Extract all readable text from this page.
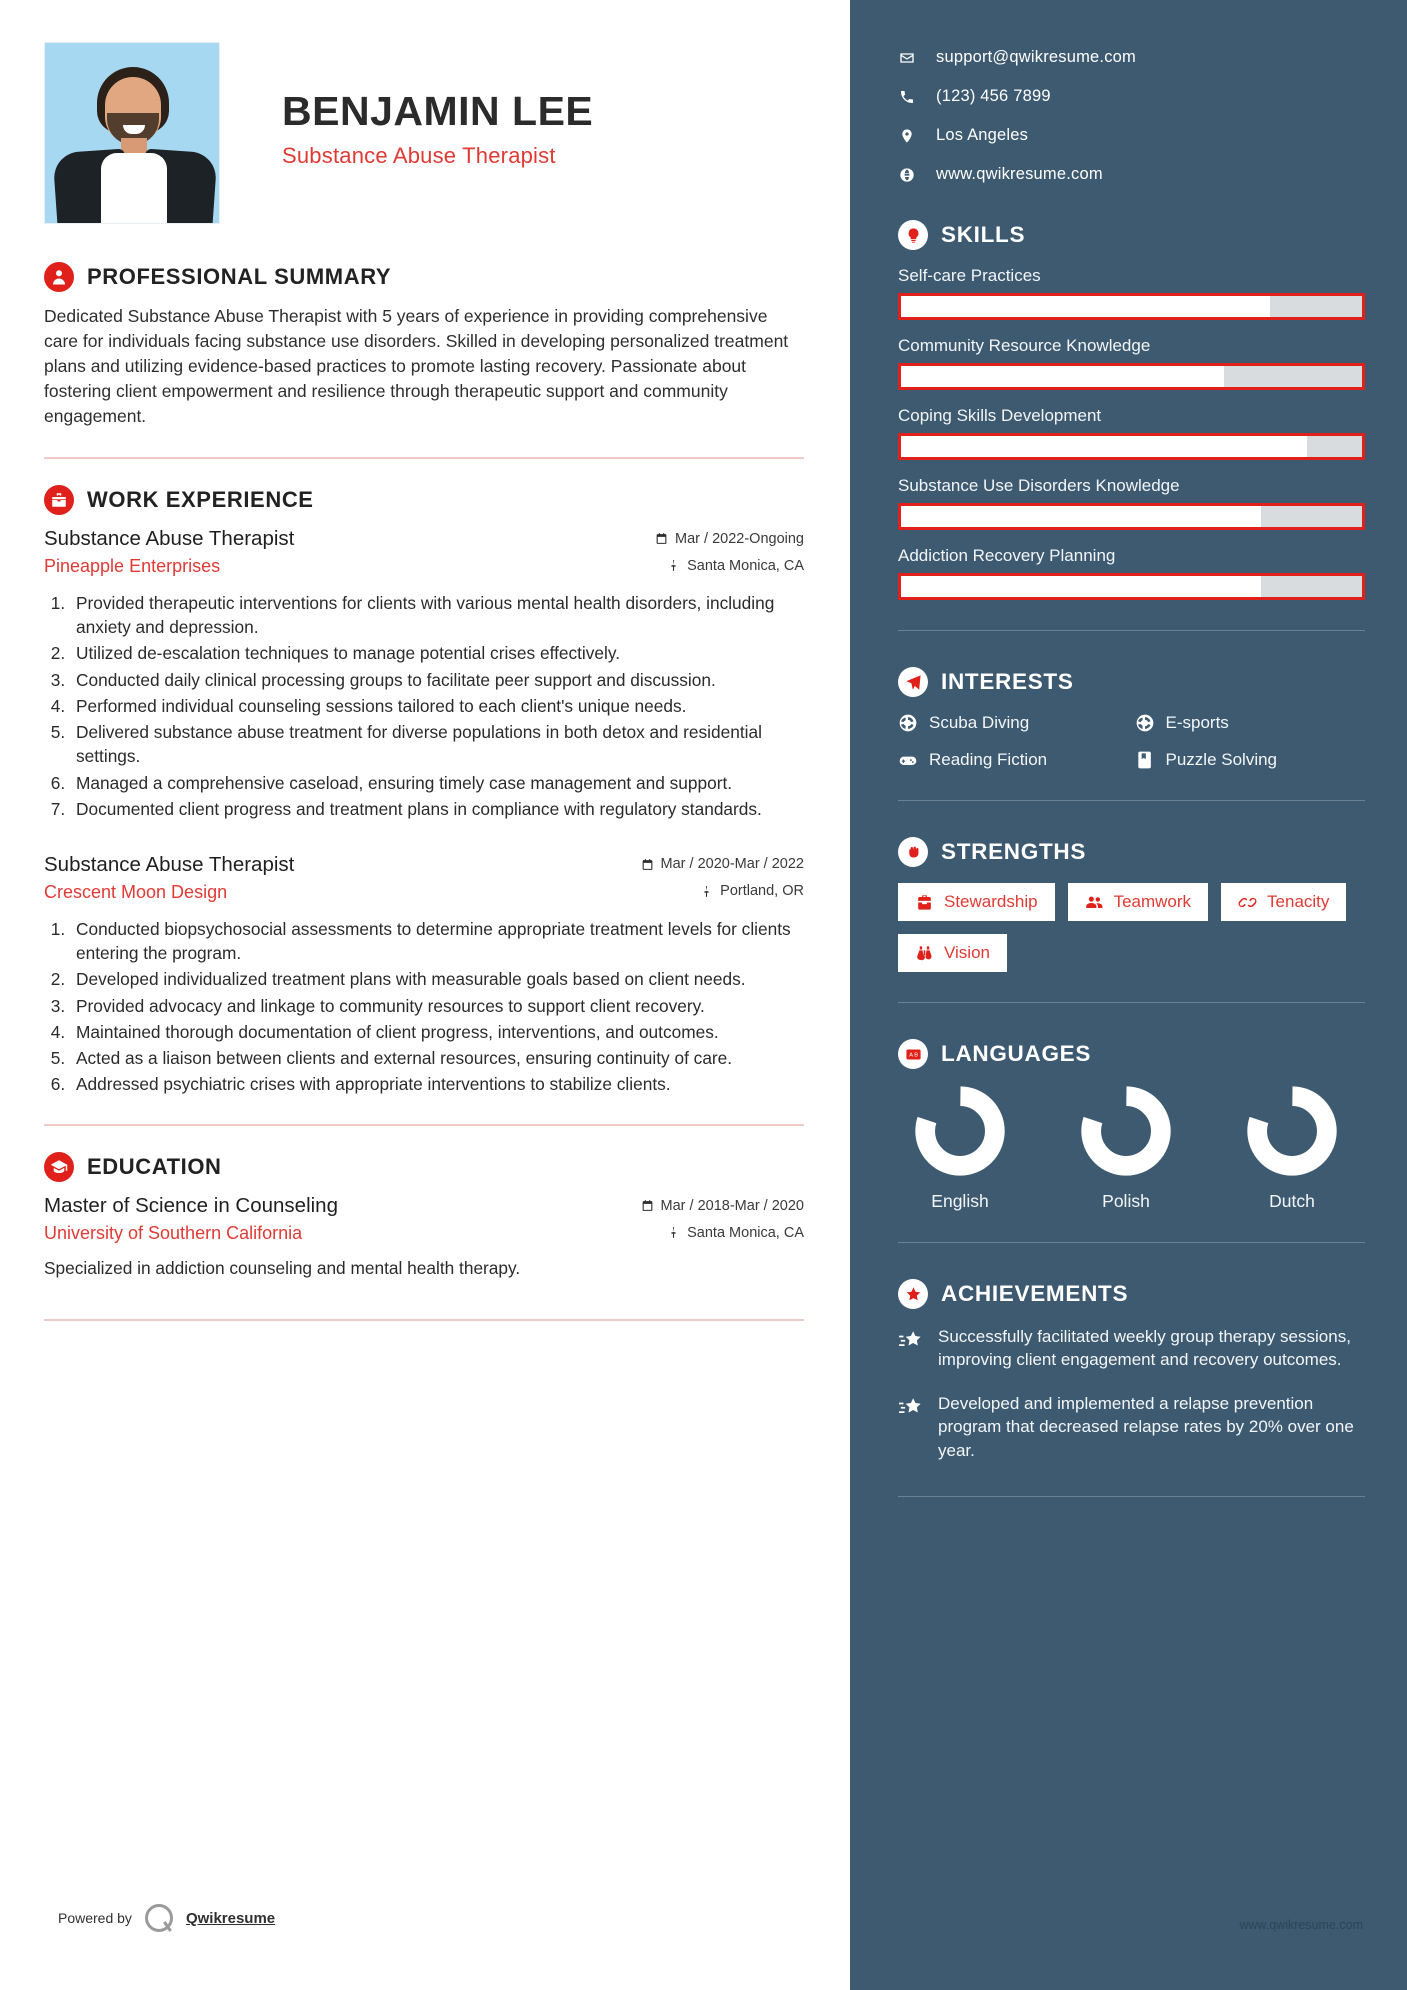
BENJAMIN LEE
Substance Abuse Therapist
PROFESSIONAL SUMMARY
Dedicated Substance Abuse Therapist with 5 years of experience in providing comprehensive care for individuals facing substance use disorders. Skilled in developing personalized treatment plans and utilizing evidence-based practices to promote lasting recovery. Passionate about fostering client empowerment and resilience through therapeutic support and community engagement.
WORK EXPERIENCE
Substance Abuse Therapist	Mar / 2022-Ongoing
Pineapple Enterprises	Santa Monica, CA
1. Provided therapeutic interventions for clients with various mental health disorders, including anxiety and depression.
2. Utilized de-escalation techniques to manage potential crises effectively.
3. Conducted daily clinical processing groups to facilitate peer support and discussion.
4. Performed individual counseling sessions tailored to each client's unique needs.
5. Delivered substance abuse treatment for diverse populations in both detox and residential settings.
6. Managed a comprehensive caseload, ensuring timely case management and support.
7. Documented client progress and treatment plans in compliance with regulatory standards.
Substance Abuse Therapist	Mar / 2020-Mar / 2022
Crescent Moon Design	Portland, OR
1. Conducted biopsychosocial assessments to determine appropriate treatment levels for clients entering the program.
2. Developed individualized treatment plans with measurable goals based on client needs.
3. Provided advocacy and linkage to community resources to support client recovery.
4. Maintained thorough documentation of client progress, interventions, and outcomes.
5. Acted as a liaison between clients and external resources, ensuring continuity of care.
6. Addressed psychiatric crises with appropriate interventions to stabilize clients.
EDUCATION
Master of Science in Counseling	Mar / 2018-Mar / 2020
University of Southern California	Santa Monica, CA
Specialized in addiction counseling and mental health therapy.
Powered by	Qwikresume
support@qwikresume.com
(123) 456 7899
Los Angeles
www.qwikresume.com
SKILLS
Self-care Practices
Community Resource Knowledge
Coping Skills Development
Substance Use Disorders Knowledge
Addiction Recovery Planning
INTERESTS
Scuba Diving	E-sports
Reading Fiction	Puzzle Solving
STRENGTHS
Stewardship	Teamwork	Tenacity
Vision
A B LANGUAGES
English	Polish	Dutch
ACHIEVEMENTS

Successfully facilitated weekly group therapy sessions, improving client engagement and recovery outcomes.

Developed and implemented a relapse prevention program that decreased relapse rates by 20% over one year.

www.qwikresume.com
